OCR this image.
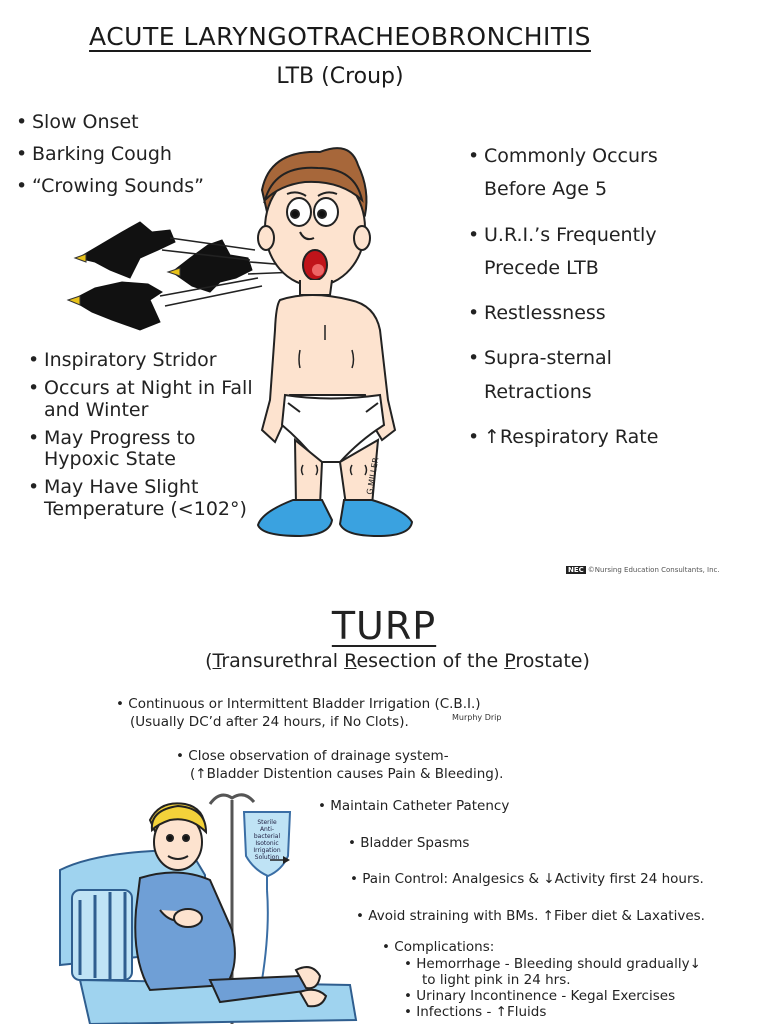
ACUTE LARYNGOTRACHEOBRONCHITIS
LTB (Croup)
• Slow Onset
• Barking Cough
• “Crowing Sounds”
• Inspiratory Stridor
• Occurs at Night in Fall and Winter
• May Progress to Hypoxic State
• May Have Slight Temperature (<102°)
• Commonly Occurs Before Age 5
• U.R.I.’s Frequently Precede LTB
• Restlessness
• Supra-sternal Retractions
• ↑Respiratory Rate
G.MILLER
NEC ©Nursing Education Consultants, Inc.
TURP
(Transurethral Resection of the Prostate)
• Continuous or Intermittent Bladder Irrigation (C.B.I.)
(Usually DC’d after 24 hours, if No Clots).	Murphy Drip
• Close observation of drainage system-
(↑Bladder Distention causes Pain & Bleeding).
• Maintain Catheter Patency
• Bladder Spasms
• Pain Control: Analgesics & ↓Activity first 24 hours.
• Avoid straining with BMs. ↑Fiber diet & Laxatives.
• Complications:
• Hemorrhage - Bleeding should gradually↓
to light pink in 24 hrs.
• Urinary Incontinence - Kegal Exercises
• Infections - ↑Fluids
Sterile
Anti-
bacterial
Isotonic
Irrigation
Solution
